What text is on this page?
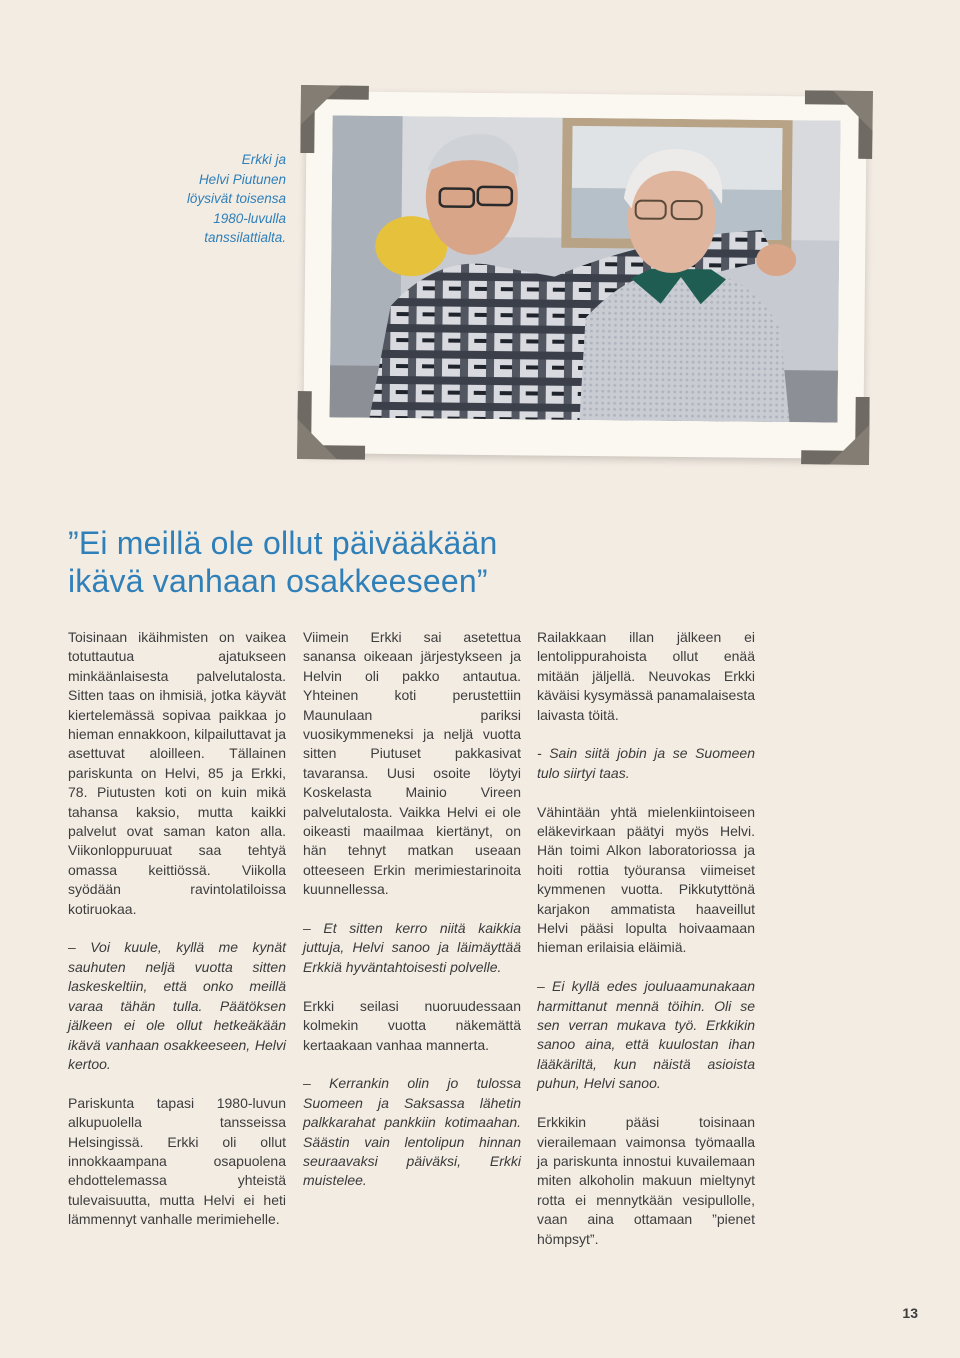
Erkki ja
Helvi Piutunen
löysivät toisensa
1980-luvulla
tanssilattialta.
”Ei meillä ole ollut päivääkään
ikävä vanhaan osakkeeseen”

Toisinaan ikäihmisten on vaikea totuttautua ajatukseen minkäänlaisesta palvelutalosta. Sitten taas on ihmisiä, jotka käyvät kiertelemässä sopivaa paikkaa jo hieman ennakkoon, kilpailuttavat ja asettuvat aloilleen. Tällainen pariskunta on Helvi, 85 ja Erkki, 78. Piutusten koti on kuin mikä tahansa kaksio, mutta kaikki palvelut ovat saman katon alla. Viikonloppuruuat saa tehtyä omassa keittiössä. Viikolla syödään ravintolatiloissa kotiruokaa.

– Voi kuule, kyllä me kynät sauhuten neljä vuotta sitten laskeskeltiin, että onko meillä varaa tähän tulla. Päätöksen jälkeen ei ole ollut hetkeäkään ikävä vanhaan osakkeeseen, Helvi kertoo.

Pariskunta tapasi 1980-luvun alkupuolella tansseissa Helsingissä. Erkki oli ollut innokkaampana osapuolena ehdottelemassa yhteistä tulevaisuutta, mutta Helvi ei heti lämmennyt vanhalle merimiehelle.

Viimein Erkki sai asetettua sanansa oikeaan järjestykseen ja Helvin oli pakko antautua. Yhteinen koti perustettiin Maunulaan pariksi vuosikymmeneksi ja neljä vuotta sitten Piutuset pakkasivat tavaransa. Uusi osoite löytyi Koskelasta Mainio Vireen palvelutalosta. Vaikka Helvi ei ole oikeasti maailmaa kiertänyt, on hän tehnyt matkan useaan otteeseen Erkin merimiestarinoita kuunnellessa.

– Et sitten kerro niitä kaikkia juttuja, Helvi sanoo ja läimäyttää Erkkiä hyväntahtoisesti polvelle.

Erkki seilasi nuoruudessaan kolmekin vuotta näkemättä kertaakaan vanhaa mannerta.

– Kerrankin olin jo tulossa Suomeen ja Saksassa lähetin palkkarahat pankkiin kotimaahan. Säästin vain lentolipun hinnan seuraavaksi päiväksi, Erkki muistelee.

Railakkaan illan jälkeen ei lentolippurahoista ollut enää mitään jäljellä. Neuvokas Erkki käväisi kysymässä panamalaisesta laivasta töitä.

- Sain siitä jobin ja se Suomeen tulo siirtyi taas.

Vähintään yhtä mielenkiintoiseen eläkevirkaan päätyi myös Helvi. Hän toimi Alkon laboratoriossa ja hoiti rottia työuransa viimeiset kymmenen vuotta. Pikkutyttönä karjakon ammatista haaveillut Helvi pääsi lopulta hoivaamaan hieman erilaisia eläimiä.

– Ei kyllä edes jouluaamunakaan harmittanut mennä töihin. Oli se sen verran mukava työ. Erkkikin sanoo aina, että kuulostan ihan lääkäriltä, kun näistä asioista puhun, Helvi sanoo.

Erkkikin pääsi toisinaan vierailemaan vaimonsa työmaalla ja pariskunta innostui kuvailemaan miten alkoholin makuun mieltynyt rotta ei mennytkään vesipullolle, vaan aina ottamaan ”pienet hömpsyt”.

13
